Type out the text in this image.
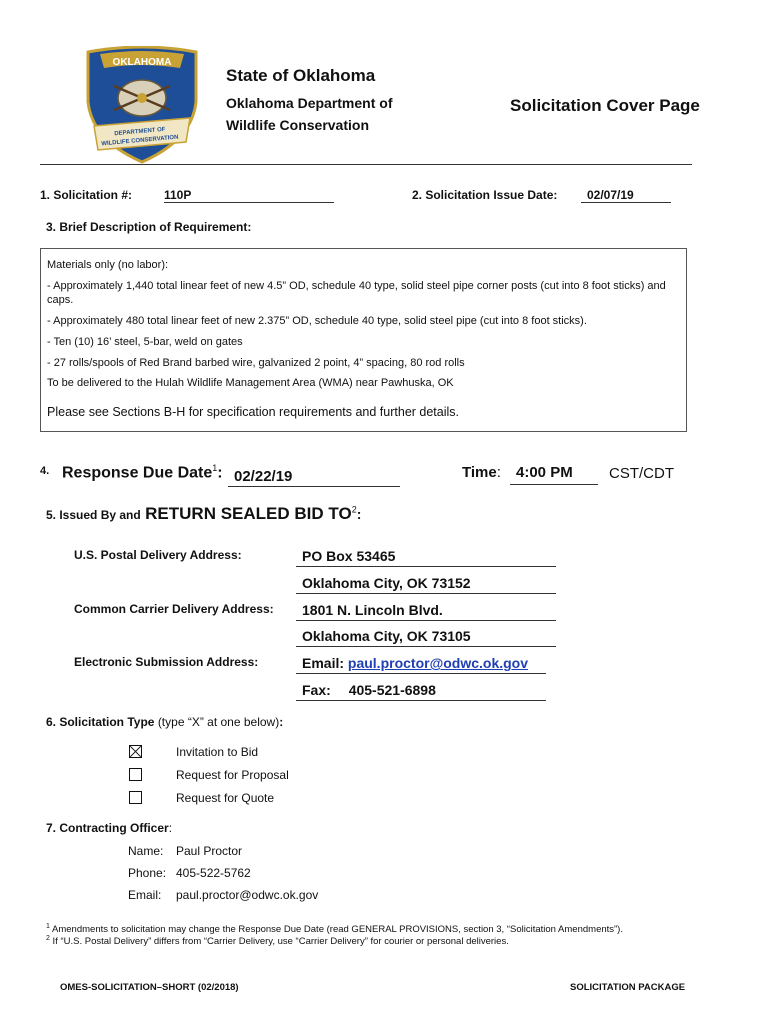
OKLAHOMA
DEPARTMENT OF
WILDLIFE CONSERVATION
State of Oklahoma
Oklahoma Department of
Wildlife Conservation
Solicitation Cover Page
1. Solicitation #:	110P	2. Solicitation Issue Date:	02/07/19
3. Brief Description of Requirement:

Materials only (no labor):

- Approximately 1,440 total linear feet of new 4.5” OD, schedule 40 type, solid steel pipe corner posts (cut into 8 foot sticks) and caps.

- Approximately 480 total linear feet of new 2.375” OD, schedule 40 type, solid steel pipe (cut into 8 foot sticks).

- Ten (10) 16’ steel, 5-bar, weld on gates

- 27 rolls/spools of Red Brand barbed wire, galvanized 2 point, 4” spacing, 80 rod rolls

To be delivered to the Hulah Wildlife Management Area (WMA) near Pawhuska, OK

Please see Sections B-H for specification requirements and further details.

4. Response Due Date$^1$: 02/22/19	Time:	4:00 PM	CST/CDT
5. Issued By and RETURN SEALED BID $TO^2$:
U.S. Postal Delivery Address:	PO Box 53465
Oklahoma City, OK 73152
Common Carrier Delivery Address:	1801 N. Lincoln Blvd.
Oklahoma City, OK 73105
Electronic Submission Address:	Email: paul.proctor@odwc.ok.gov
Fax: 405-521-6898
6. Solicitation Type (type “X” at one below):
Invitation to Bid
Request for Proposal
Request for Quote
7. Contracting Officer:
Name: Paul Proctor
Phone: 405-522-5762
Email: paul.proctor@odwc.ok.gov
$^1$ Amendments to solicitation may change the Response Due Date (read GENERAL PROVISIONS, section 3, “Solicitation Amendments”).
$^2$ If “U.S. Postal Delivery” differs from “Carrier Delivery, use “Carrier Delivery” for courier or personal deliveries.
OMES-SOLICITATION–SHORT (02/2018)	SOLICITATION PACKAGE
